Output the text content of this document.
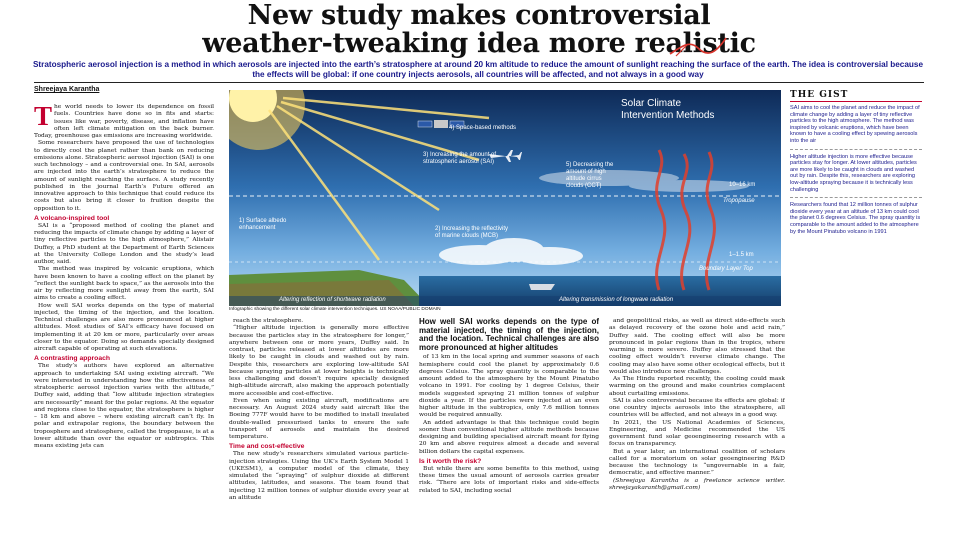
New study makes controversial
weather-tweaking idea more realistic
Stratospheric aerosol injection is a method in which aerosols are injected into the earth’s stratosphere at around 20 km altitude to reduce the amount of sunlight reaching the surface of the earth. The idea is controversial because the effects will be global: if one country injects aerosols, all countries will be affected, and not always in a good way
Shreejaya Karantha

The world needs to lower its dependence on fossil fuels. Countries have done so in fits and starts: issues like war, poverty, disease, and inflation have often left climate mitigation on the back burner. Today, greenhouse gas emissions are increasing worldwide.

Some researchers have proposed the use of technologies to directly cool the planet rather than bank on reducing emissions alone. Stratospheric aerosol injection (SAI) is one such technology – and a controversial one. In SAI, aerosols are injected into the earth’s stratosphere to reduce the amount of sunlight reaching the surface. A study recently published in the journal Earth’s Future offered an innovative approach to this technique that could reduce its costs but also bring it closer to fruition despite the opposition to it.

A volcano-inspired tool

SAI is a “proposed method of cooling the planet and reducing the impacts of climate change by adding a layer of tiny reflective particles to the high atmosphere,” Alistair Duffey, a PhD student at the Department of Earth Sciences at the University College London and the study’s lead author, said.

The method was inspired by volcanic eruptions, which have been known to have a cooling effect on the planet by “reflect the sunlight back to space,” as the aerosols into the air by reflecting more sunlight away from the earth, SAI aims to create a cooling effect.

How well SAI works depends on the type of material injected, the timing of the injection, and the location. Technical challenges are also more pronounced at higher altitudes. Most studies of SAI’s efficacy have focused on implementing it at 20 km or more, particularly over areas closer to the equator. Doing so demands specially designed aircraft capable of operating at such elevations.

A contrasting approach

The study’s authors have explored an alternative approach to undertaking SAI using existing aircraft. “We were interested in understanding how the effectiveness of stratospheric aerosol injection varies with the altitude,” Duffey said, adding that “low altitude injection strategies are necessarily” meant for the polar regions. At the equator and regions close to the equator, the stratosphere is higher – 18 km and above – where existing aircraft can’t fly. In polar and extrapolar regions, the boundary between the troposphere and stratosphere, called the tropopause, is at a lower altitude than over the equator or subtropics. This means existing jets can

Solar Climate
Intervention Methods
4) Space-based methods
3) Increasing the amount of
stratospheric aerosol (SAI)	5) Decreasing the
amount of high
altitude cirrus
clouds (CCT)	10–16 km
Tropopause
1–1.5 km
Boundary Layer Top
1) Surface albedo
enhancement	2) Increasing the reflectivity
of marine clouds (MCB)
Altering reflection of shortwave radiation	Altering transmission of longwave radiation
Infographic showing the different solar climate intervention techniques. US NOAA/PUBLIC DOMAIN

reach the stratosphere.

“Higher altitude injection is generally more effective because the particles stay in the stratosphere for longer,” anywhere between one or more years, Duffey said. In contrast, particles released at lower altitudes are more likely to be caught in clouds and washed out by rain. Despite this, researchers are exploring low-altitude SAI because spraying particles at lower heights is technically less challenging and doesn’t require specially designed high-altitude aircraft, also making the approach potentially more accessible and cost-effective.

Even when using existing aircraft, modifications are necessary. An August 2024 study said aircraft like the Boeing 777F would have to be modified to install insulated double-walled pressurised tanks to ensure the safe transport of aerosols and maintain the desired temperature.

Time and cost-effective

The new study’s researchers simulated various particle-injection strategies. Using the UK’s Earth System Model 1 (UKESM1), a computer model of the climate, they simulated the “spraying” of sulphur dioxide at different altitudes, latitudes, and seasons. The team found that injecting 12 million tonnes of sulphur dioxide every year at an altitude

How well SAI works depends on the type of material injected, the timing of the injection, and the location. Technical challenges are also more pronounced at higher altitudes

of 13 km in the local spring and summer seasons of each hemisphere could cool the planet by approximately 0.6 degrees Celsius. The spray quantity is comparable to the amount added to the atmosphere by the Mount Pinatubo volcano in 1991. For cooling by 1 degree Celsius, their models suggested spraying 21 million tonnes of sulphur dioxide a year. If the particles were injected at an even higher altitude in the subtropics, only 7.6 million tonnes would be required annually.

An added advantage is that this technique could begin sooner than conventional higher altitude methods because designing and building specialised aircraft meant for flying 20 km and above requires almost a decade and several billion dollars the capital expenses.

Is it worth the risk?

But while there are some benefits to this method, using these times the usual amount of aerosols carries greater risk. “There are lots of important risks and side-effects related to SAI, including social

and geopolitical risks, as well as direct side-effects such as delayed recovery of the ozone hole and acid rain,” Duffey said. The cooling effect will also be more pronounced in polar regions than in the tropics, where warming is more severe. Duffey also stressed that the cooling effect wouldn’t reverse climate change. The cooling may also have some other ecological effects, but it would also introduce new challenges.

As The Hindu reported recently, the cooling could mask warming on the ground and make countries complacent about curtailing emissions.

SAI is also controversial because its effects are global: if one country injects aerosols into the stratosphere, all countries will be affected, and not always in a good way.

In 2021, the US National Academies of Sciences, Engineering, and Medicine recommended the US government fund solar geoengineering research with a focus on transparency.

But a year later, an international coalition of scholars called for a moratorium on solar geoengineering R&D because the technology is “ungovernable in a fair, democratic, and effective manner.”

(Shreejaya Karantha is a freelance science writer. shreejayakaranth@gmail.com)

THE GIST

SAI aims to cool the planet and reduce the impact of climate change by adding a layer of tiny reflective particles to the high atmosphere. The method was inspired by volcanic eruptions, which have been known to have a cooling effect by spewing aerosols into the air

Higher altitude injection is more effective because particles stay for longer. At lower altitudes, particles are more likely to be caught in clouds and washed out by rain. Despite this, researchers are exploring low-altitude spraying because it is technically less challenging

Researchers found that 12 million tonnes of sulphur dioxide every year at an altitude of 13 km could cool the planet 0.6 degrees Celsius. The spray quantity is comparable to the amount added to the atmosphere by the Mount Pinatubo volcano in 1991
